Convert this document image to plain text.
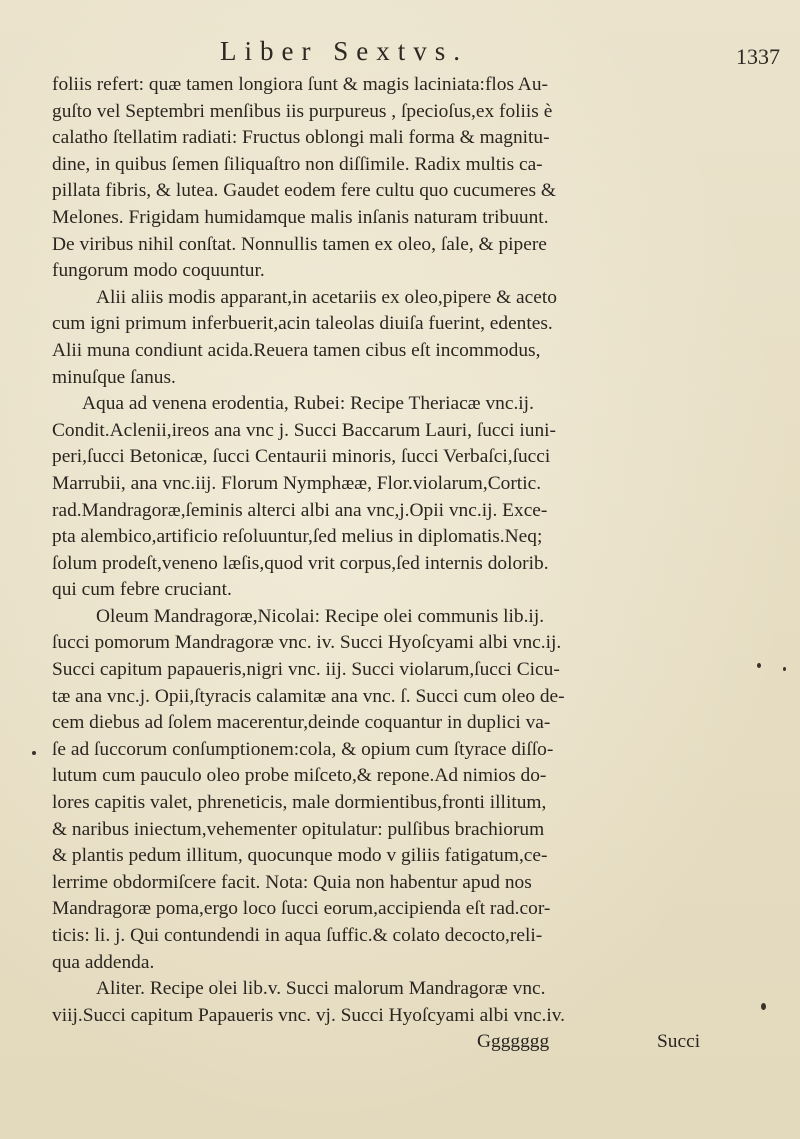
Liber Sextvs.	1337
foliis refert: quæ tamen longiora ſunt & magis laciniata:flos Au-
guſto vel Septembri menſibus iis purpureus , ſpecioſus,ex foliis è
calatho ſtellatim radiati: Fructus oblongi mali forma & magnitu-
dine, in quibus ſemen ſiliquaſtro non diſſimile. Radix multis ca-
pillata fibris, & lutea. Gaudet eodem fere cultu quo cucumeres &
Melones. Frigidam humidamque malis inſanis naturam tribuunt.
De viribus nihil conſtat. Nonnullis tamen ex oleo, ſale, & pipere
fungorum modo coquuntur.
Alii aliis modis apparant,in acetariis ex oleo,pipere & aceto
cum igni primum inferbuerit,acin taleolas diuiſa fuerint, edentes.
Alii muna condiunt acida.Reuera tamen cibus eſt incommodus,
minuſque ſanus.
Aqua ad venena erodentia, Rubei: Recipe Theriacæ vnc.ij.
Condit.Aclenii,ireos ana vnc j. Succi Baccarum Lauri, ſucci iuni-
peri,ſucci Betonicæ, ſucci Centaurii minoris, ſucci Verbaſci,ſucci
Marrubii, ana vnc.iij. Florum Nymphææ, Flor.violarum,Cortic.
rad.Mandragoræ,ſeminis alterci albi ana vnc,j.Opii vnc.ij. Exce-
pta alembico,artificio reſoluuntur,ſed melius in diplomatis.Neq;
ſolum prodeſt,veneno læſis,quod vrit corpus,ſed internis dolorib.
qui cum febre cruciant.
Oleum Mandragoræ,Nicolai: Recipe olei communis lib.ij.
ſucci pomorum Mandragoræ vnc. iv. Succi Hyoſcyami albi vnc.ij.
Succi capitum papaueris,nigri vnc. iij. Succi violarum,ſucci Cicu-
tæ ana vnc.j. Opii,ſtyracis calamitæ ana vnc. ſ. Succi cum oleo de-
cem diebus ad ſolem macerentur,deinde coquantur in duplici va-
ſe ad ſuccorum conſumptionem:cola, & opium cum ſtyrace diſſo-
lutum cum pauculo oleo probe miſceto,& repone.Ad nimios do-
lores capitis valet, phreneticis, male dormientibus,fronti illitum,
& naribus iniectum,vehementer opitulatur: pulſibus brachiorum
& plantis pedum illitum, quocunque modo v giliis fatigatum,ce-
lerrime obdormiſcere facit. Nota: Quia non habentur apud nos
Mandragoræ poma,ergo loco ſucci eorum,accipienda eſt rad.cor-
ticis: li. j. Qui contundendi in aqua ſuffic.& colato decocto,reli-
qua addenda.
Aliter. Recipe olei lib.v. Succi malorum Mandragoræ vnc.
viij.Succi capitum Papaueris vnc. vj. Succi Hyoſcyami albi vnc.iv.
Ggggggg	Succi
